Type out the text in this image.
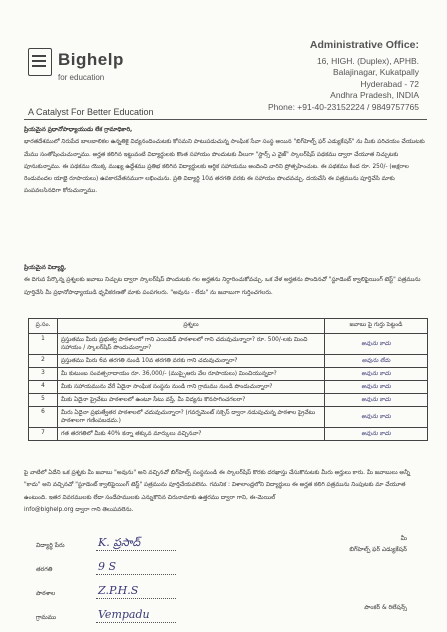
Bighelp
for education
A Catalyst For Better Education
Administrative Office:
16, HIGH. (Duplex), APHB.
Balajinagar, Kukatpally
Hyderabad - 72
Andhra Pradesh, INDIA
Phone: +91-40-23152224 / 9849757765
ప్రియమైన ప్రధానోపాధ్యాయుడు లేక గ్రామాధికారి,
భారతదేశములో నిరుపేద బాలబాలికల ఉన్నతికై విద్యనందించుటకు కోసమని పాటుపడుచున్న సాంఘిక సేవా సంస్థ అయిన "బిగ్‌హెల్ప్ ఫర్ ఎడ్యుకేషన్" ను మీకు పరిచయం చేయుటకు మేము సంతోషించుచున్నాము. అర్హత కలిగిన ఇట్టువంటి విద్యార్థులకు కొంత సహాయం పొందుటకు వీలుగా "స్టార్స్ ఎ వైజ్" స్కాలర్‌షిప్ పథకము ద్వారా చేయూత నిచ్చుటకు పూనుకున్నాము. ఈ పథకము యొక్క ముఖ్య ఉద్దేశము ప్రతిభ కలిగిన విద్యార్థులకు ఆర్థిక సహాయము అందించి వారిని ప్రోత్సహించుట. ఈ పథకము కింద రూ. 250/- (అక్షరాల రెండువందల యాభై రూపాయలు) ఉపకారవేతనముగా లభించును. ప్రతి విద్యార్థి 10వ తరగతి వరకు ఈ సహాయం పొందవచ్చు. దయచేసి ఈ పత్రమును పూర్తిచేసి మాకు పంపవలసినదిగా కోరుచున్నాము.
ప్రియమైన విద్యార్థి,
ఈ దిగువ పేర్కొన్న ప్రశ్నలకు జవాబు నిచ్చుట ద్వారా స్కాలర్‌షిప్ పొందుటకు గల అర్హతను నిర్ధారించుకోవచ్చు. ఒక వేళ అర్హతను పొందినచో "స్టూడెంట్ క్వాలిఫైయింగ్ టెస్ట్" పత్రమును పూర్తిచేసి మీ ప్రధానోపాధ్యాయుడి ధృవీకరణతో మాకు పంపగలరు. "అవును - లేదు" ను జవాబుగా గుర్తించగలరు.
ప్ర.సం.	ప్రశ్నలు	జవాబు పై గుర్తు పెట్టండి
1	ప్రస్తుతము మీరు ప్రభుత్వ పాఠశాలలో గాని ఎయిడెడ్ పాఠశాలలో గాని చదువుచున్నారా? రూ. 500/-లకు మించి సహాయం / స్కాలర్‌షిప్ పొందుచున్నారా?	అవును కాదు
2	ప్రస్తుతము మీరు 6వ తరగతి నుండి 10వ తరగతి వరకు గాని చదువుచున్నారా?	అవును లేదు
3	మీ కుటుంబ సంవత్సరాదాయం రూ. 36,000/- (ముప్పైఆరు వేల రూపాయలు) మించియున్నదా?	అవును కాదు
4	మీకు సహాయమును వేరే ఏదైనా సాంఘిక సంస్థను నుండి గాని గ్రామము నుండి పొందుచున్నారా?	అవును కాదు
5	మీకు ఏదైనా ప్రైవేటు పాఠశాలలో ఉంటూ సీటు వస్తే, మీ విద్యను కొనసాగించగలరా?	అవును కాదు
6	మీరు ఏదైనా ప్రభుత్వేతర పాఠశాలలో చదువుచున్నారా? (గవర్నమెంట్ సక్సెస్ ద్వారా నడుపుచున్న పాఠశాల ప్రైవేటు పాఠశాలగా గణింపబడదు.)	అవును కాదు
7	గత తరగతిలో మీకు 40% కన్నా తక్కువ మార్కులు వచ్చినవా?	అవును కాదు
పై వాటిలో ఏదేని ఒక ప్రశ్నకు మీ జవాబు "అవును" అని వచ్చినచో బిగ్‌హెల్ప్ సంస్థనుండి ఈ స్కాలర్‌షిప్ కొరకు దరఖాస్తు చేసుకొనుటకు మీరు అర్హులు కారు. మీ జవాబులు అన్నీ "కాదు" అని వచ్చినచో "స్టూడెంట్ క్వాలిఫైయింగ్ టెస్ట్" పత్రమును పూర్తిచేయవలెను. గమనిక : విశాలాంధ్రలోని విద్యార్థులు ఈ అర్హత కలిగి పత్రమును నింపుటకు మా చేయూత ఉంటుంది. ఇతర వివరములకు లేదా సందేహములకు ఎన్నుకొనిన చిరునామాకు ఉత్తరము ద్వారా గాని, ఈ-మెయిల్
info@bighelp.org ద్వారా గాని తెలుపవలెను.
విద్యార్థి పేరు	K. ప్రసాద్
తరగతి	9 S
పాఠశాల	Z.P.H.S
గ్రామము	Vempadu
మీ
బిగ్‌హెల్ప్ ఫర్ ఎడ్యుకేషన్
పాంకర్ & రిలేషన్స్
